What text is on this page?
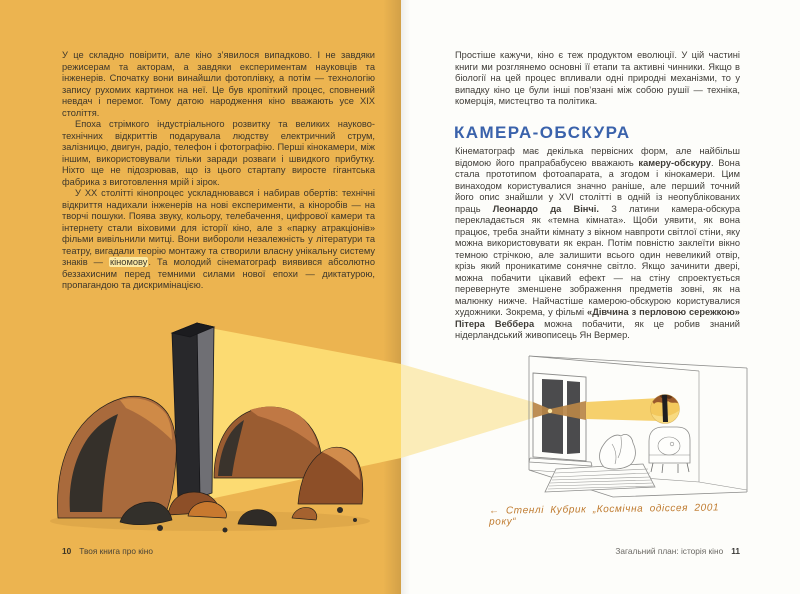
У це складно повірити, але кіно з’явилося випадково. І не завдяки режисерам та акторам, а завдяки експериментам науковців та інженерів. Спочатку вони винайшли фотоплівку, а потім — технологію запису рухомих картинок на неї. Це був кропіткий процес, сповнений невдач і перемог. Тому датою народження кіно вважають усе XIX століття.

Епоха стрімкого індустріального розвитку та великих науково-технічних відкриттів подарувала людству електричний струм, залізницю, двигун, радіо, телефон і фотографію. Перші кінокамери, між іншим, використовували тільки заради розваги і швидкого прибутку. Ніхто ще не підозрював, що із цього стартапу виросте гігантська фабрика з виготовлення мрій і зірок.

У XX столітті кінопроцес ускладнювався і набирав обертів: технічні відкриття надихали інженерів на нові експерименти, а кіноробів — на творчі пошуки. Поява звуку, кольору, телебачення, цифрової камери та інтернету стали віховими для історії кіно, але з «парку атракціонів» фільми вивільнили митці. Вони вибороли незалежність у літератури та театру, вигадали теорію монтажу та створили власну унікальну систему знаків — кіномову. Та молодий сінематограф виявився абсолютно беззахисним перед темними силами нової епохи — диктатурою, пропагандою та дискримінацією.

Простіше кажучи, кіно є теж продуктом еволюції. У цій частині книги ми розглянемо основні її етапи та активні чинники. Якщо в біології на цей процес впливали одні природні механізми, то у випадку кіно це були інші пов’язані між собою рушії — техніка, комерція, мистецтво та політика.

КАМЕРА-ОБСКУРА

Кінематограф має декілька первісних форм, але найбільш відомою його прапрабабусею вважають камеру-обскуру. Вона стала прототипом фотоапарата, а згодом і кінокамери. Цим винаходом користувалися значно раніше, але перший точний його опис знайшли у XVI столітті в одній із неопублікованих праць Леонардо да Вінчі. З латини камера-обскура перекладається як «темна кімната». Щоби уявити, як вона працює, треба знайти кімнату з вікном навпроти світлої стіни, яку можна використовувати як екран. Потім повністю заклеїти вікно темною стрічкою, але залишити всього один невеликий отвір, крізь який проникатиме сонячне світло. Якщо зачинити двері, можна побачити цікавий ефект — на стіну спроектується перевернуте зменшене зображення предметів зовні, як на малюнку нижче. Найчастіше камерою-обскурою користувалися художники. Зокрема, у фільмі «Дівчина з перловою сережкою» Пітера Веббера можна побачити, як це робив знаний нідерландський живописець Ян Вермер.

← Стенлі Кубрик „Космічна одіссея 2001 року“
10 Твоя книга про кіно	Загальний план: історія кіно 11
